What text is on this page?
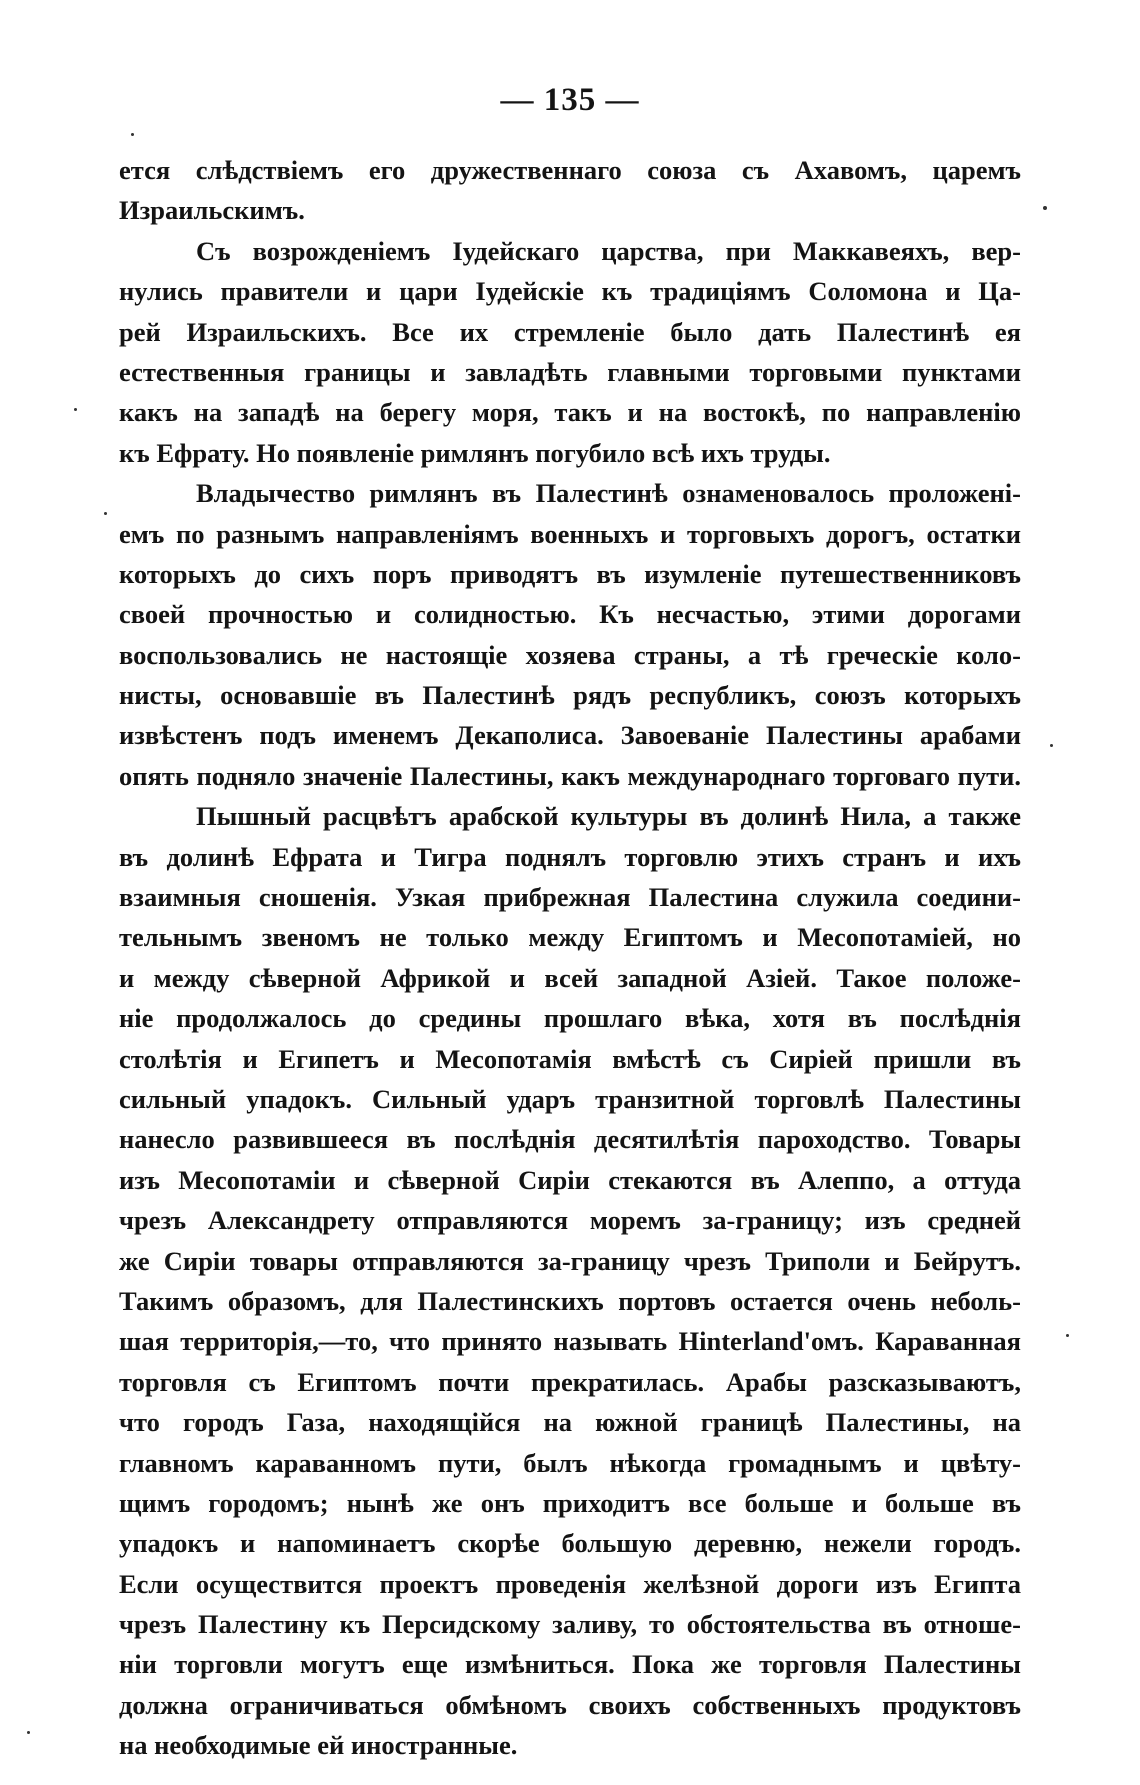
— 135 —
ется слѣдствіемъ его дружественнаго союза съ Ахавомъ, царемъ
Израильскимъ.
Съ возрожденіемъ Іудейскаго царства, при Маккавеяхъ, вер-
нулись правители и цари Іудейскіе къ традиціямъ Соломона и Ца-
рей Израильскихъ. Все их стремленіе было дать Палестинѣ ея
естественныя границы и завладѣть главными торговыми пунктами
какъ на западѣ на берегу моря, такъ и на востокѣ, по направленію
къ Ефрату. Но появленіе римлянъ погубило всѣ ихъ труды.
Владычество римлянъ въ Палестинѣ ознаменовалось проложені-
емъ по разнымъ направленіямъ военныхъ и торговыхъ дорогъ, остатки
которыхъ до сихъ поръ приводятъ въ изумленіе путешественниковъ
своей прочностью и солидностью. Къ несчастью, этими дорогами
воспользовались не настоящіе хозяева страны, а тѣ греческіе коло-
нисты, основавшіе въ Палестинѣ рядъ республикъ, союзъ которыхъ
извѣстенъ подъ именемъ Декаполиса. Завоеваніе Палестины арабами
опять подняло значеніе Палестины, какъ международнаго торговаго пути.
Пышный расцвѣтъ арабской культуры въ долинѣ Нила, а также
въ долинѣ Ефрата и Тигра поднялъ торговлю этихъ странъ и ихъ
взаимныя сношенія. Узкая прибрежная Палестина служила соедини-
тельнымъ звеномъ не только между Египтомъ и Месопотаміей, но
и между сѣверной Африкой и всей западной Азіей. Такое положе-
ніе продолжалось до средины прошлаго вѣка, хотя въ послѣднія
столѣтія и Египетъ и Месопотамія вмѣстѣ съ Сиріей пришли въ
сильный упадокъ. Сильный ударъ транзитной торговлѣ Палестины
нанесло развившееся въ послѣднія десятилѣтія пароходство. Товары
изъ Месопотаміи и сѣверной Сиріи стекаются въ Алеппо, а оттуда
чрезъ Александрету отправляются моремъ за-границу; изъ средней
же Сиріи товары отправляются за-границу чрезъ Триполи и Бейрутъ.
Такимъ образомъ, для Палестинскихъ портовъ остается очень неболь-
шая территорія,—то, что принято называть Hinterland'омъ. Караванная
торговля съ Египтомъ почти прекратилась. Арабы разсказываютъ,
что городъ Газа, находящійся на южной границѣ Палестины, на
главномъ караванномъ пути, былъ нѣкогда громаднымъ и цвѣту-
щимъ городомъ; нынѣ же онъ приходитъ все больше и больше въ
упадокъ и напоминаетъ скорѣе большую деревню, нежели городъ.
Если осуществится проектъ проведенія желѣзной дороги изъ Египта
чрезъ Палестину къ Персидскому заливу, то обстоятельства въ отноше-
ніи торговли могутъ еще измѣниться. Пока же торговля Палестины
должна ограничиваться обмѣномъ своихъ собственныхъ продуктовъ
на необходимые ей иностранные.
